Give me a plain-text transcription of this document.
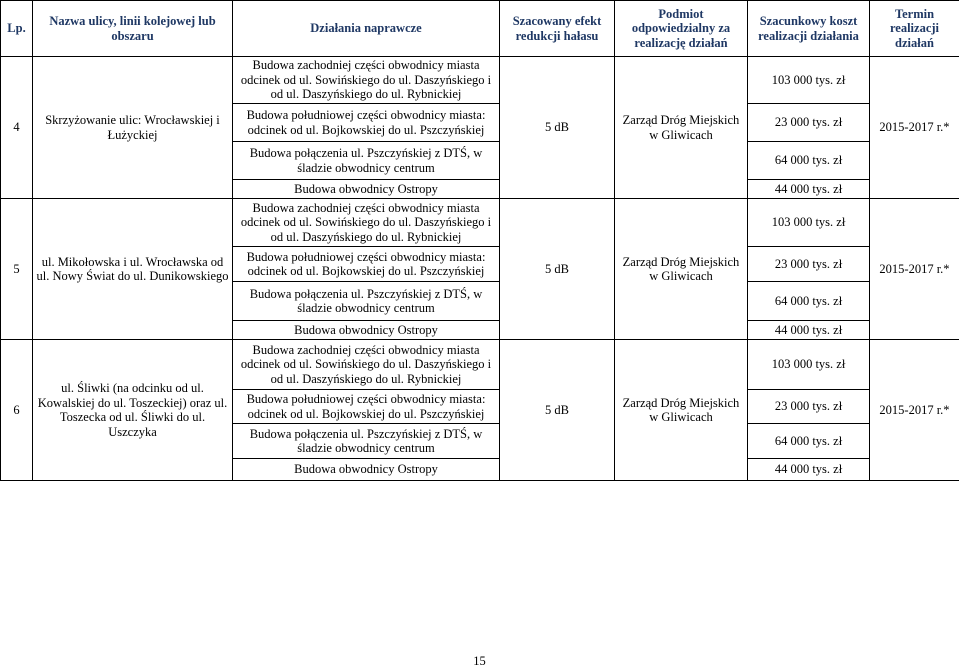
Lp.	Nazwa ulicy, linii kolejowej lub obszaru	Działania naprawcze	Szacowany efekt redukcji hałasu	Podmiot odpowiedzialny za realizację działań	Szacunkowy koszt realizacji działania	Termin realizacji działań
4	Skrzyżowanie ulic: Wrocławskiej i Łużyckiej	Budowa zachodniej części obwodnicy miasta odcinek od ul. Sowińskiego do ul. Daszyńskiego i od ul. Daszyńskiego do ul. Rybnickiej	5 dB	Zarząd Dróg Miejskich w Gliwicach	103 000 tys. zł	2015-2017 r.*
		Budowa południowej części obwodnicy miasta: odcinek od ul. Bojkowskiej do ul. Pszczyńskiej			23 000 tys. zł	
		Budowa połączenia ul. Pszczyńskiej z DTŚ, w śladzie obwodnicy centrum			64 000 tys. zł	
		Budowa obwodnicy Ostropy			44 000 tys. zł	
5	ul. Mikołowska i ul. Wrocławska od ul. Nowy Świat do ul. Dunikowskiego	Budowa zachodniej części obwodnicy miasta odcinek od ul. Sowińskiego do ul. Daszyńskiego i od ul. Daszyńskiego do ul. Rybnickiej	5 dB	Zarząd Dróg Miejskich w Gliwicach	103 000 tys. zł	2015-2017 r.*
		Budowa południowej części obwodnicy miasta: odcinek od ul. Bojkowskiej do ul. Pszczyńskiej			23 000 tys. zł	
		Budowa połączenia ul. Pszczyńskiej z DTŚ, w śladzie obwodnicy centrum			64 000 tys. zł	
		Budowa obwodnicy Ostropy			44 000 tys. zł	
6	ul. Śliwki (na odcinku od ul. Kowalskiej do ul. Toszeckiej) oraz ul. Toszecka od ul. Śliwki do ul. Uszczyka	Budowa zachodniej części obwodnicy miasta odcinek od ul. Sowińskiego do ul. Daszyńskiego i od ul. Daszyńskiego do ul. Rybnickiej	5 dB	Zarząd Dróg Miejskich w Gliwicach	103 000 tys. zł	2015-2017 r.*
		Budowa południowej części obwodnicy miasta: odcinek od ul. Bojkowskiej do ul. Pszczyńskiej			23 000 tys. zł	
		Budowa połączenia ul. Pszczyńskiej z DTŚ, w śladzie obwodnicy centrum			64 000 tys. zł	
		Budowa obwodnicy Ostropy			44 000 tys. zł	
15
